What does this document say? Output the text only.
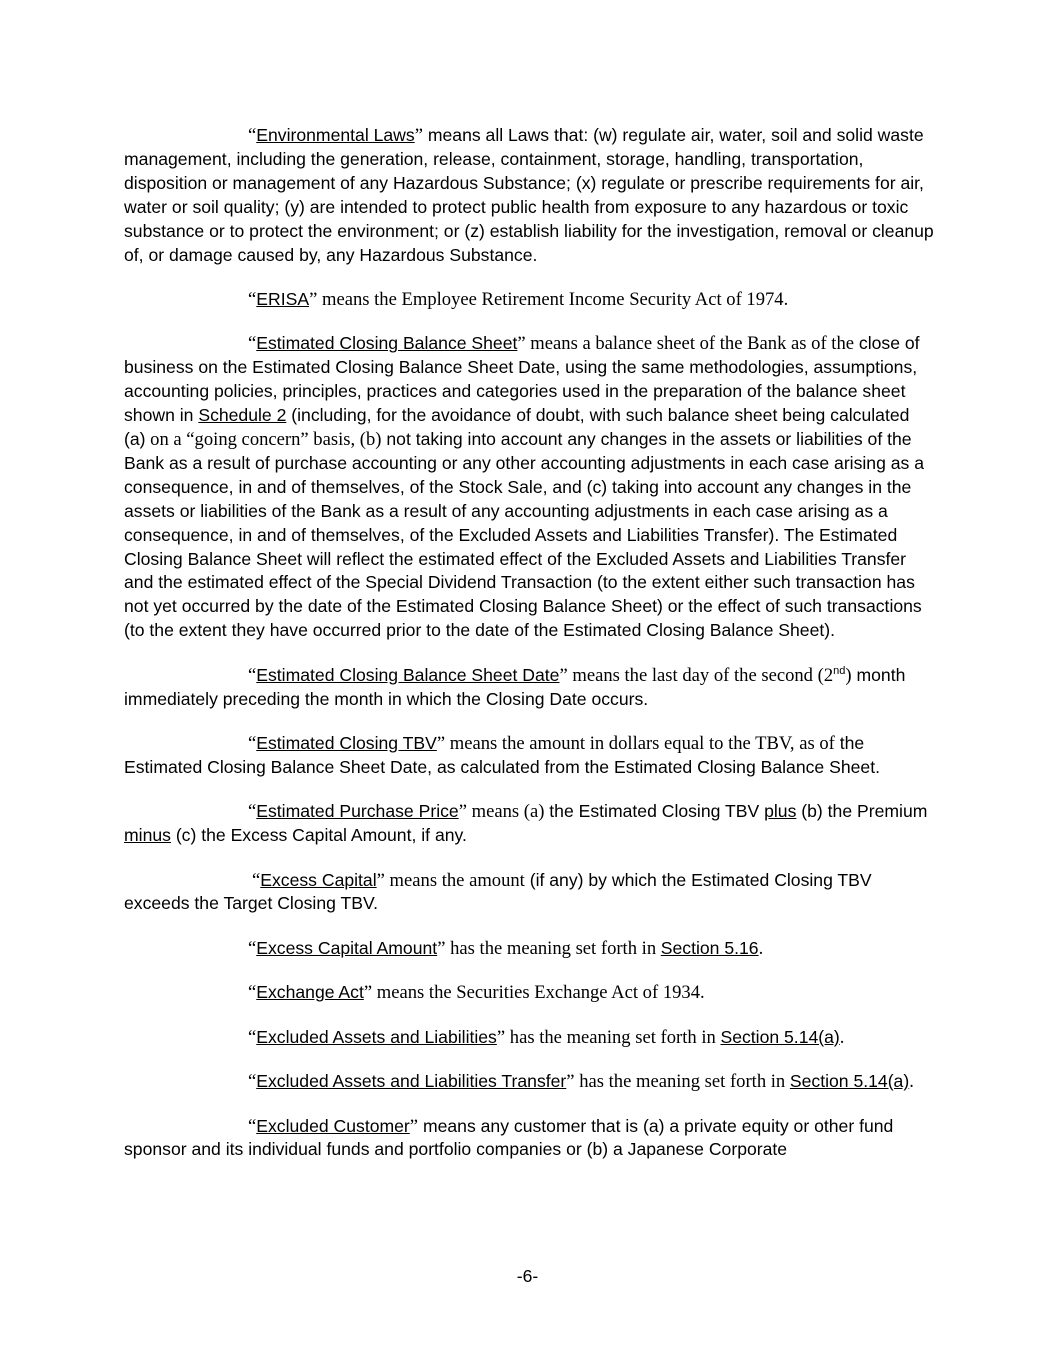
“Environmental Laws” means all Laws that: (w) regulate air, water, soil and solid waste management, including the generation, release, containment, storage, handling, transportation, disposition or management of any Hazardous Substance; (x) regulate or prescribe requirements for air, water or soil quality; (y) are intended to protect public health from exposure to any hazardous or toxic substance or to protect the environment; or (z) establish liability for the investigation, removal or cleanup of, or damage caused by, any Hazardous Substance.

“ERISA” means the Employee Retirement Income Security Act of 1974.

“Estimated Closing Balance Sheet” means a balance sheet of the Bank as of the close of business on the Estimated Closing Balance Sheet Date, using the same methodologies, assumptions, accounting policies, principles, practices and categories used in the preparation of the balance sheet shown in Schedule 2 (including, for the avoidance of doubt, with such balance sheet being calculated (a) on a “going concern” basis, (b) not taking into account any changes in the assets or liabilities of the Bank as a result of purchase accounting or any other accounting adjustments in each case arising as a consequence, in and of themselves, of the Stock Sale, and (c) taking into account any changes in the assets or liabilities of the Bank as a result of any accounting adjustments in each case arising as a consequence, in and of themselves, of the Excluded Assets and Liabilities Transfer). The Estimated Closing Balance Sheet will reflect the estimated effect of the Excluded Assets and Liabilities Transfer and the estimated effect of the Special Dividend Transaction (to the extent either such transaction has not yet occurred by the date of the Estimated Closing Balance Sheet) or the effect of such transactions (to the extent they have occurred prior to the date of the Estimated Closing Balance Sheet).

“Estimated Closing Balance Sheet Date” means the last day of the second (2nd) month immediately preceding the month in which the Closing Date occurs.

“Estimated Closing TBV” means the amount in dollars equal to the TBV, as of the Estimated Closing Balance Sheet Date, as calculated from the Estimated Closing Balance Sheet.

“Estimated Purchase Price” means (a) the Estimated Closing TBV plus (b) the Premium minus (c) the Excess Capital Amount, if any.

“Excess Capital” means the amount (if any) by which the Estimated Closing TBV exceeds the Target Closing TBV.

“Excess Capital Amount” has the meaning set forth in Section 5.16.

“Exchange Act” means the Securities Exchange Act of 1934.

“Excluded Assets and Liabilities” has the meaning set forth in Section 5.14(a).

“Excluded Assets and Liabilities Transfer” has the meaning set forth in Section 5.14(a).

“Excluded Customer” means any customer that is (a) a private equity or other fund sponsor and its individual funds and portfolio companies or (b) a Japanese Corporate

-6-
